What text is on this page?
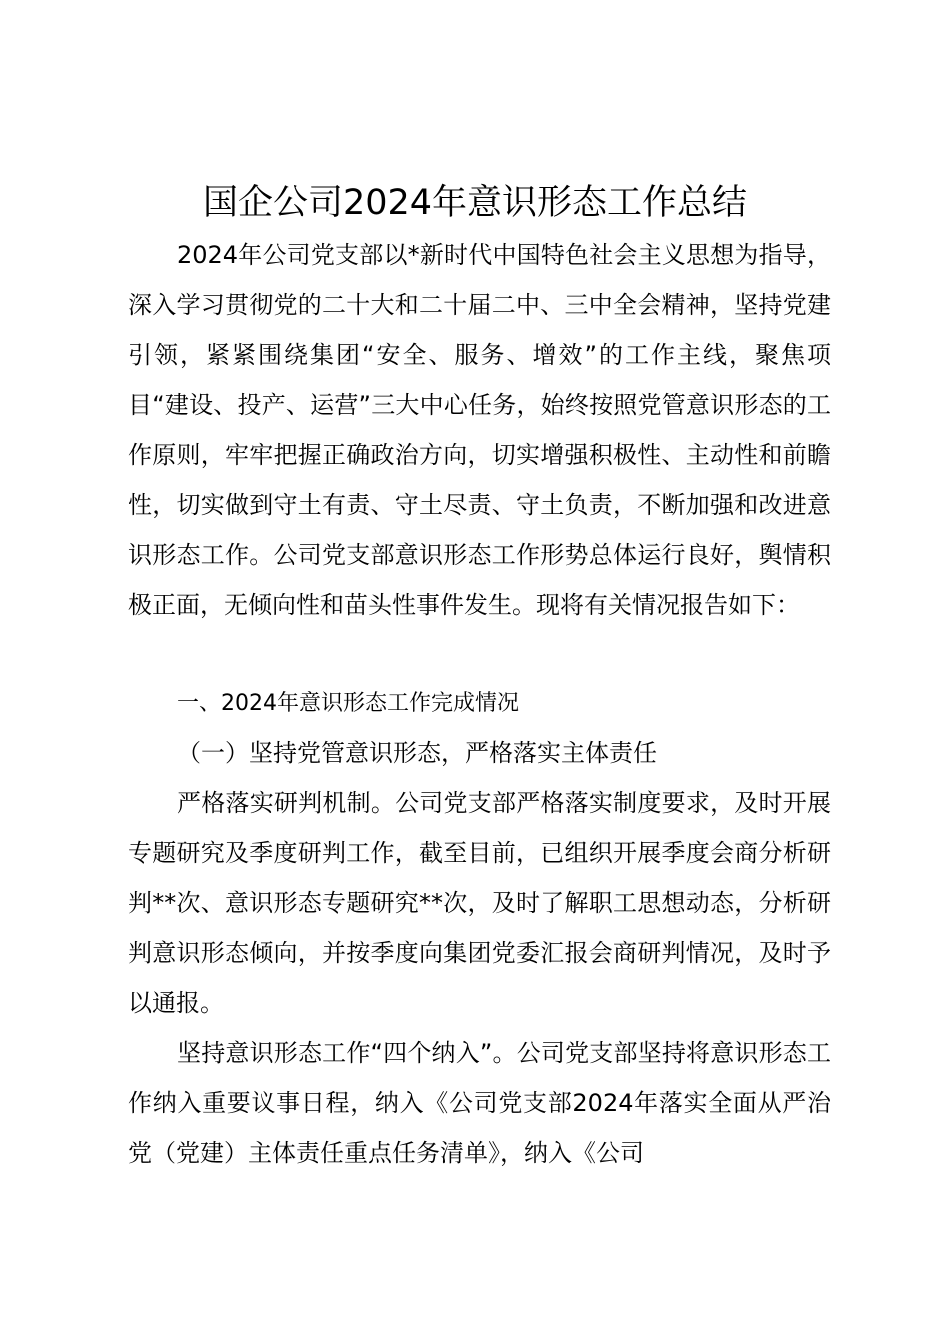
国企公司2024年意识形态工作总结

2024年公司党支部以*新时代中国特色社会主义思想为指导，深入学习贯彻党的二十大和二十届二中、三中全会精神，坚持党建引领，紧紧围绕集团“安全、服务、增效”的工作主线，聚焦项目“建设、投产、运营”三大中心任务，始终按照党管意识形态的工作原则，牢牢把握正确政治方向，切实增强积极性、主动性和前瞻性，切实做到守土有责、守土尽责、守土负责，不断加强和改进意识形态工作。公司党支部意识形态工作形势总体运行良好，舆情积极正面，无倾向性和苗头性事件发生。现将有关情况报告如下：

一、2024年意识形态工作完成情况
（一）坚持党管意识形态，严格落实主体责任

严格落实研判机制。公司党支部严格落实制度要求，及时开展专题研究及季度研判工作，截至目前，已组织开展季度会商分析研判**次、意识形态专题研究**次，及时了解职工思想动态，分析研判意识形态倾向，并按季度向集团党委汇报会商研判情况，及时予以通报。

坚持意识形态工作“四个纳入”。公司党支部坚持将意识形态工作纳入重要议事日程，纳入《公司党支部2024年落实全面从严治党（党建）主体责任重点任务清单》，纳入《公司
